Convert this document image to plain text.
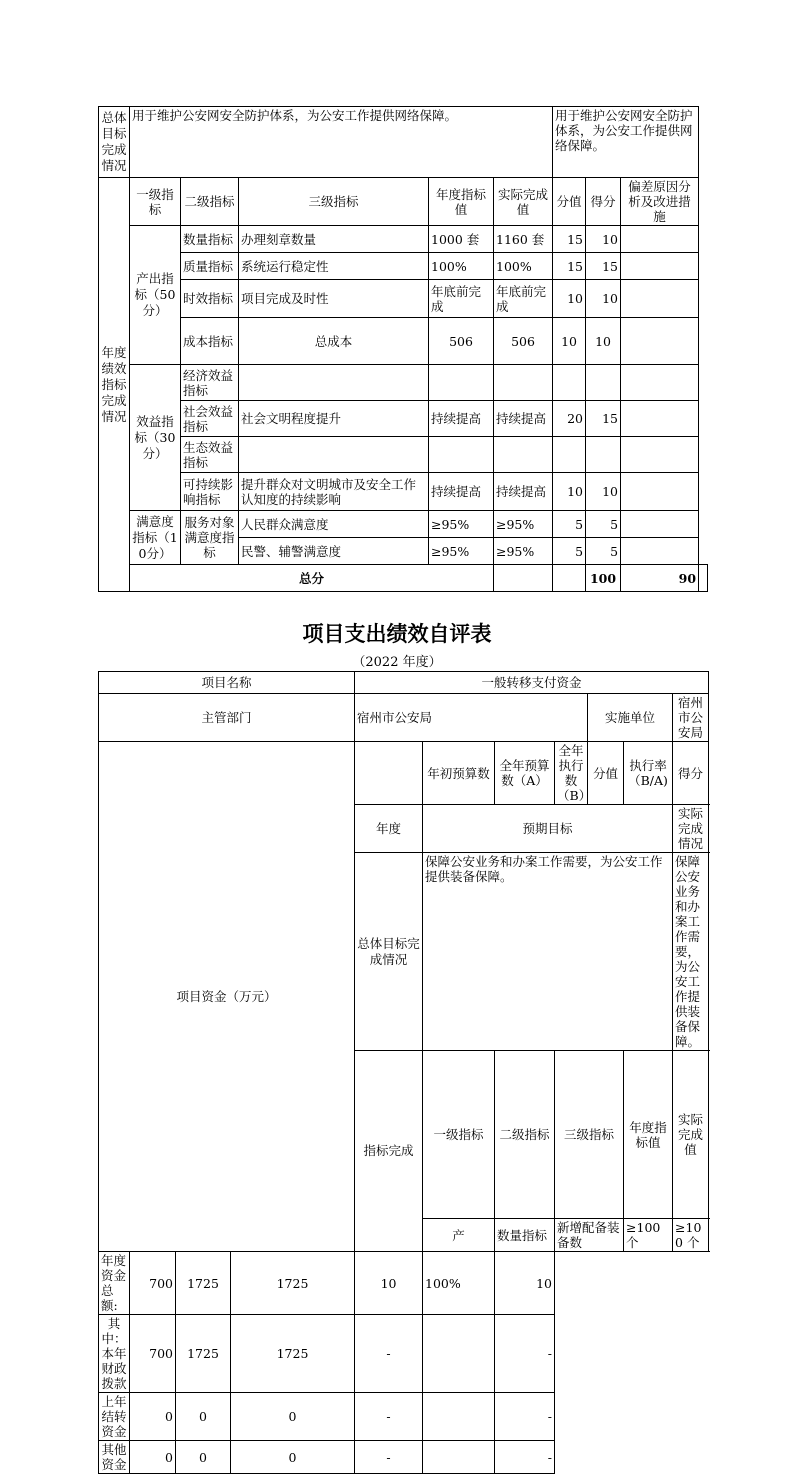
总体目标完成情况	用于维护公安网安全防护体系，为公安工作提供网络保障。					用于维护公安网安全防护体系，为公安工作提供网络保障。			
年度绩效指标完成情况	一级指标	二级指标	三级指标	年度指标值	实际完成值	分值	得分	偏差原因分析及改进措施	
	产出指标（50分）	数量指标	办理刻章数量	1000 套	1160 套	15	10		
		质量指标	系统运行稳定性	100%	100%	15	15		
		时效指标	项目完成及时性	年底前完成	年底前完成	10	10		
		成本指标	总成本	506	506	10	10		
	效益指标（30分）	经济效益指标							
		社会效益指标	社会文明程度提升	持续提高	持续提高	20	15		
		生态效益指标							
		可持续影响指标	提升群众对文明城市及安全工作认知度的持续影响	持续提高	持续提高	10	10		
	满意度指标（10分）	服务对象满意度指标	人民群众满意度	≥95%	≥95%	5	5		
			民警、辅警满意度	≥95%	≥95%	5	5		
	总分						100	90	
项目支出绩效自评表
（2022 年度）
项目名称				一般转移支付资金							
主管部门				宿州市公安局				实施单位		宿州市公安局	
项目资金（万元）					年初预算数	全年预算数（A）	全年执行数（B）	分值	执行率（B/A)	得分	
				年度	预期目标					实际完成情况	
				总体目标完成情况	保障公安业务和办案工作需要，为公安工作提供装备保障。					保障公安业务和办案工作需要，为公安工作提供装备保障。	
				指标完成	一级指标	二级指标	三级指标		年度指标值	实际完成值			
					产	数量指标	新增配备装备数		≥100 个	≥100 个			
年度资金总额:	700	1725	1725	10	100%	10					
其中：本年财政拨款	700	1725	1725	-		-					
上年结转资金	0	0	0	-		-					
其他资金	0	0	0	-		-					
